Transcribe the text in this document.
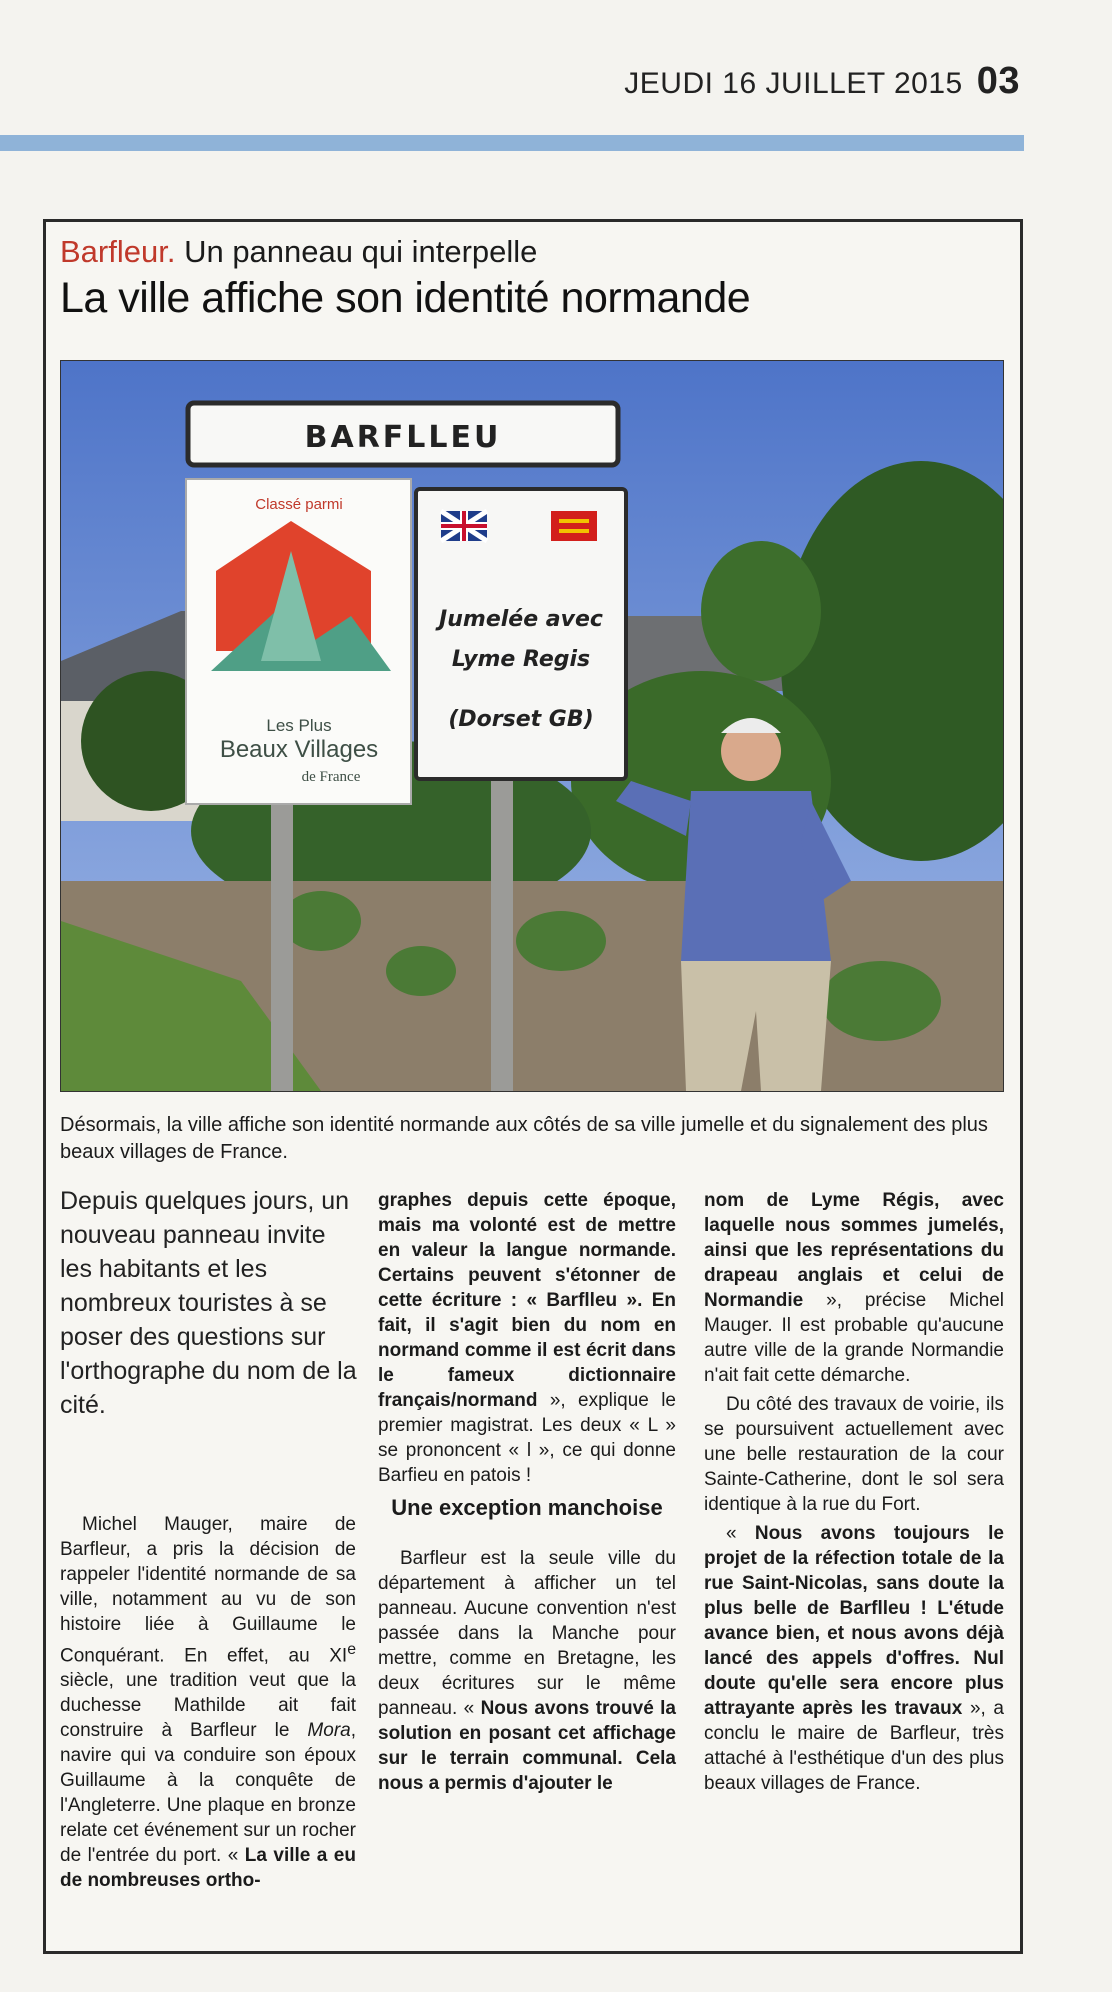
JEUDI 16 JUILLET 2015 03
Barfleur. Un panneau qui interpelle
La ville affiche son identité normande
BARFLLEU
Classé parmi
Les Plus
Beaux Villages
de France
Jumelée avec
Lyme Regis
(Dorset GB)
Désormais, la ville affiche son identité normande aux côtés de sa ville jumelle et du signalement des plus beaux villages de France.
Depuis quelques jours, un nouveau panneau invite les habitants et les nombreux touristes à se poser des questions sur l'orthographe du nom de la cité.

Michel Mauger, maire de Barfleur, a pris la décision de rappeler l'identité normande de sa ville, notamment au vu de son histoire liée à Guillaume le Conquérant. En effet, au XIe siècle, une tradition veut que la duchesse Mathilde ait fait construire à Barfleur le Mora, navire qui va conduire son époux Guillaume à la conquête de l'Angleterre. Une plaque en bronze relate cet événement sur un rocher de l'entrée du port. « La ville a eu de nombreuses ortho-

graphes depuis cette époque, mais ma volonté est de mettre en valeur la langue normande. Certains peuvent s'étonner de cette écriture : « Barflleu ». En fait, il s'agit bien du nom en normand comme il est écrit dans le fameux dictionnaire français/normand », explique le premier magistrat. Les deux « L » se prononcent « l », ce qui donne Barfieu en patois !

Une exception manchoise

Barfleur est la seule ville du département à afficher un tel panneau. Aucune convention n'est passée dans la Manche pour mettre, comme en Bretagne, les deux écritures sur le même panneau. « Nous avons trouvé la solution en posant cet affichage sur le terrain communal. Cela nous a permis d'ajouter le

nom de Lyme Régis, avec laquelle nous sommes jumelés, ainsi que les représentations du drapeau anglais et celui de Normandie », précise Michel Mauger. Il est probable qu'aucune autre ville de la grande Normandie n'ait fait cette démarche.

Du côté des travaux de voirie, ils se poursuivent actuellement avec une belle restauration de la cour Sainte-Catherine, dont le sol sera identique à la rue du Fort.

« Nous avons toujours le projet de la réfection totale de la rue Saint-Nicolas, sans doute la plus belle de Barflleu ! L'étude avance bien, et nous avons déjà lancé des appels d'offres. Nul doute qu'elle sera encore plus attrayante après les travaux », a conclu le maire de Barfleur, très attaché à l'esthétique d'un des plus beaux villages de France.
